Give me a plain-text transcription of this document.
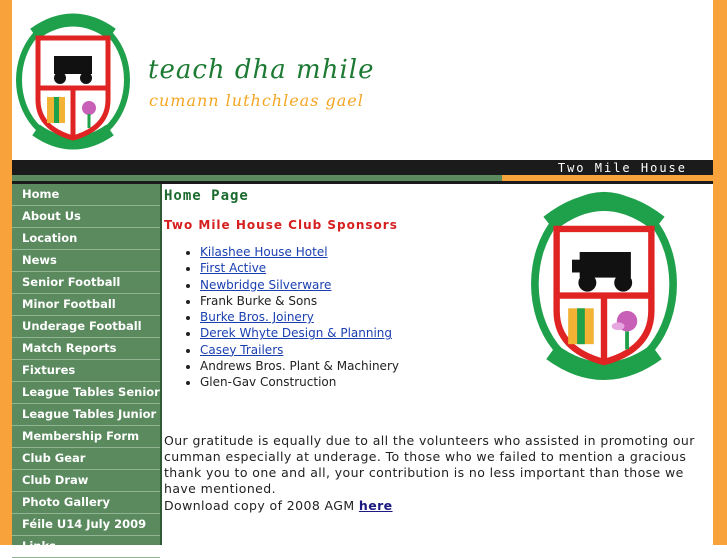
teach dha mhile
cumann luthchleas gael
Two Mile House
Home
About Us
Location
News
Senior Football
Minor Football
Underage Football
Match Reports
Fixtures
League Tables Senior
League Tables Junior
Membership Form
Club Gear
Club Draw
Photo Gallery
Féile U14 July 2009
Links
Home Page
Two Mile House Club Sponsors
• Kilashee House Hotel
• First Active
• Newbridge Silverware
• Frank Burke & Sons
• Burke Bros. Joinery
• Derek Whyte Design & Planning
• Casey Trailers
• Andrews Bros. Plant & Machinery
• Glen-Gav Construction

Our gratitude is equally due to all the volunteers who assisted in promoting our cumman especially at underage. To those who we failed to mention a gracious thank you to one and all, your contribution is no less important than those we have mentioned.

Download copy of 2008 AGM here
